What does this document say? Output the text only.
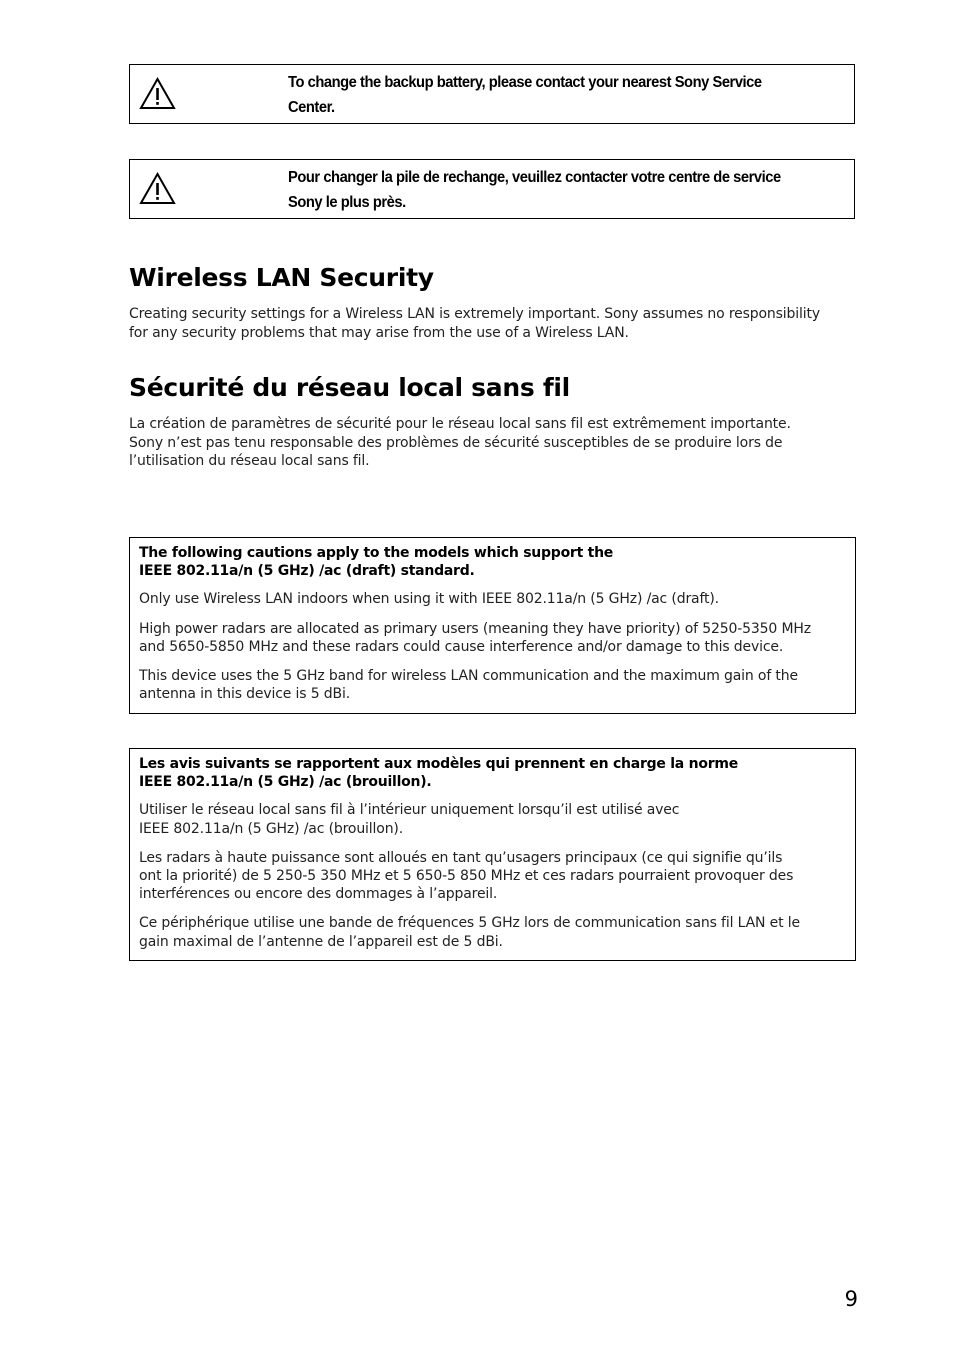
To change the backup battery, please contact your nearest Sony Service
Center.
Pour changer la pile de rechange, veuillez contacter votre centre de service
Sony le plus près.
Wireless LAN Security
Creating security settings for a Wireless LAN is extremely important. Sony assumes no responsibility
for any security problems that may arise from the use of a Wireless LAN.
Sécurité du réseau local sans fil
La création de paramètres de sécurité pour le réseau local sans fil est extrêmement importante.
Sony n’est pas tenu responsable des problèmes de sécurité susceptibles de se produire lors de
l’utilisation du réseau local sans fil.

The following cautions apply to the models which support the
IEEE 802.11a/n (5 GHz) /ac (draft) standard.

Only use Wireless LAN indoors when using it with IEEE 802.11a/n (5 GHz) /ac (draft).

High power radars are allocated as primary users (meaning they have priority) of 5250-5350 MHz
and 5650-5850 MHz and these radars could cause interference and/or damage to this device.

This device uses the 5 GHz band for wireless LAN communication and the maximum gain of the
antenna in this device is 5 dBi.

Les avis suivants se rapportent aux modèles qui prennent en charge la norme
IEEE 802.11a/n (5 GHz) /ac (brouillon).

Utiliser le réseau local sans fil à l’intérieur uniquement lorsqu’il est utilisé avec
IEEE 802.11a/n (5 GHz) /ac (brouillon).

Les radars à haute puissance sont alloués en tant qu’usagers principaux (ce qui signifie qu’ils
ont la priorité) de 5 250-5 350 MHz et 5 650-5 850 MHz et ces radars pourraient provoquer des
interférences ou encore des dommages à l’appareil.

Ce périphérique utilise une bande de fréquences 5 GHz lors de communication sans fil LAN et le
gain maximal de l’antenne de l’appareil est de 5 dBi.

9
